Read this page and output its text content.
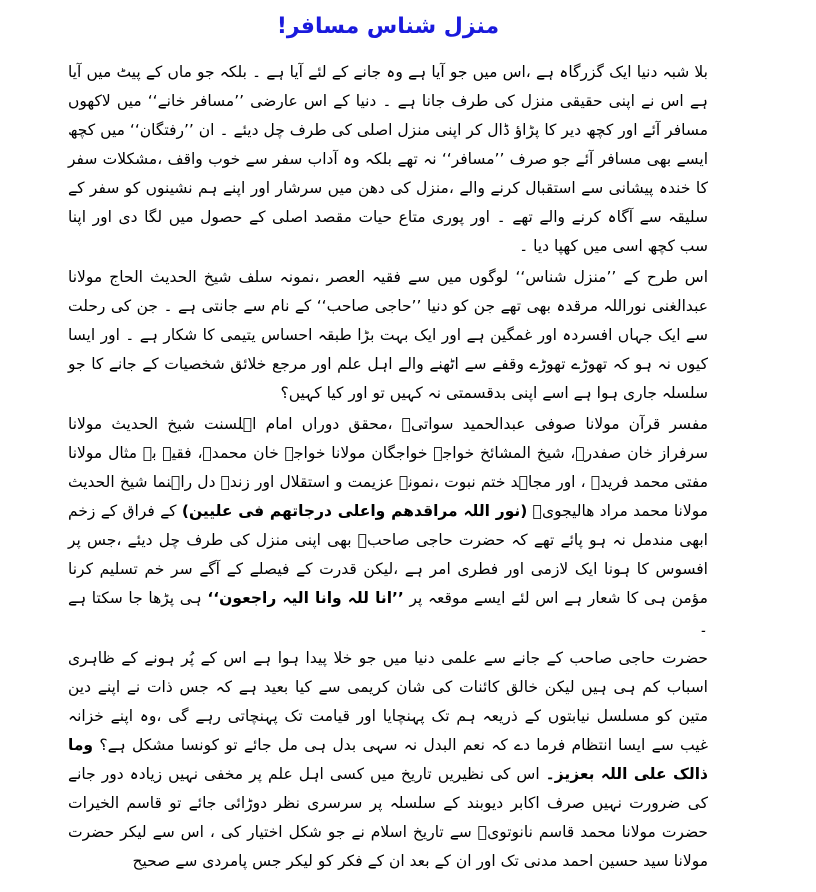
منزل شناس مسافر!

بلا شبہ دنیا ایک گزرگاہ ہے ،اس میں جو آیا ہے وہ جانے کے لئے آیا ہے ۔ بلکہ جو ماں کے پیٹ میں آیا ہے اس نے اپنی حقیقی منزل کی طرف جانا ہے ۔ دنیا کے اس عارضی ’’مسافر خانے‘‘ میں لاکھوں مسافر آئے اور کچھ دیر کا پڑاؤ ڈال کر اپنی منزل اصلی کی طرف چل دیئے ۔ ان ’’رفتگان‘‘ میں کچھ ایسے بھی مسافر آئے جو صرف ’’مسافر‘‘ نہ تھے بلکہ وہ آداب سفر سے خوب واقف ،مشکلات سفر کا خندہ پیشانی سے استقبال کرنے والے ،منزل کی دھن میں سرشار اور اپنے ہم نشینوں کو سفر کے سلیقہ سے آگاہ کرنے والے تھے ۔ اور پوری متاع حیات مقصد اصلی کے حصول میں لگا دی اور اپنا سب کچھ اسی میں کھپا دیا ۔

اس طرح کے ’’منزل شناس‘‘ لوگوں میں سے فقیہ العصر ،نمونہ سلف شیخ الحدیث الحاج مولانا عبدالغنی نوراللہ مرقدہ بھی تھے جن کو دنیا ’’حاجی صاحب‘‘ کے نام سے جانتی ہے ۔ جن کی رحلت سے ایک جہاں افسردہ اور غمگین ہے اور ایک بہت بڑا طبقہ احساس یتیمی کا شکار ہے ۔ اور ایسا کیوں نہ ہو کہ تھوڑے تھوڑے وقفے سے اٹھنے والے اہل علم اور مرجع خلائق شخصیات کے جانے کا جو سلسلہ جاری ہوا ہے اسے اپنی بدقسمتی نہ کہیں تو اور کیا کہیں؟

مفسر قرآن مولانا صوفی عبدالحمید سواتیؒ ،محقق دوراں امام اہلسنت شیخ الحدیث مولانا سرفراز خان صفدرؒ، شیخ المشائخ خواجۂ خواجگان مولانا خواجہ خان محمدؒ، فقیہ بے مثال مولانا مفتی محمد فریدؒ ، اور مجاہد ختم نبوت ،نمونہ عزیمت و استقلال اور زندہ دل راہنما شیخ الحدیث مولانا محمد مراد ھالیجویؒ (نور اللہ مراقدھم واعلی درجاتھم فی علیین) کے فراق کے زخم ابھی مندمل نہ ہو پائے تھے کہ حضرت حاجی صاحبؒ بھی اپنی منزل کی طرف چل دیئے ،جس پر افسوس کا ہونا ایک لازمی اور فطری امر ہے ،لیکن قدرت کے فیصلے کے آگے سر خم تسلیم کرنا مؤمن ہی کا شعار ہے اس لئے ایسے موقعہ پر ’’انا للہ وانا الیہ راجعون‘‘ ہی پڑھا جا سکتا ہے ۔

حضرت حاجی صاحب کے جانے سے علمی دنیا میں جو خلا پیدا ہوا ہے اس کے پُر ہونے کے ظاہری اسباب کم ہی ہیں لیکن خالق کائنات کی شان کریمی سے کیا بعید ہے کہ جس ذات نے اپنے دین متین کو مسلسل نیابتوں کے ذریعہ ہم تک پہنچایا اور قیامت تک پہنچاتی رہے گی ،وہ اپنے خزانہ غیب سے ایسا انتظام فرما دے کہ نعم البدل نہ سہی بدل ہی مل جائے تو کونسا مشکل ہے؟ وما ذالک علی اللہ بعزیز۔ اس کی نظیریں تاریخ میں کسی اہل علم پر مخفی نہیں زیادہ دور جانے کی ضرورت نہیں صرف اکابر دیوبند کے سلسلہ پر سرسری نظر دوڑائی جائے تو قاسم الخیرات حضرت مولانا محمد قاسم نانوتویؒ سے تاریخ اسلام نے جو شکل اختیار کی ، اس سے لیکر حضرت مولانا سید حسین احمد مدنی تک اور ان کے بعد ان کے فکر کو لیکر جس پامردی سے صحیح
